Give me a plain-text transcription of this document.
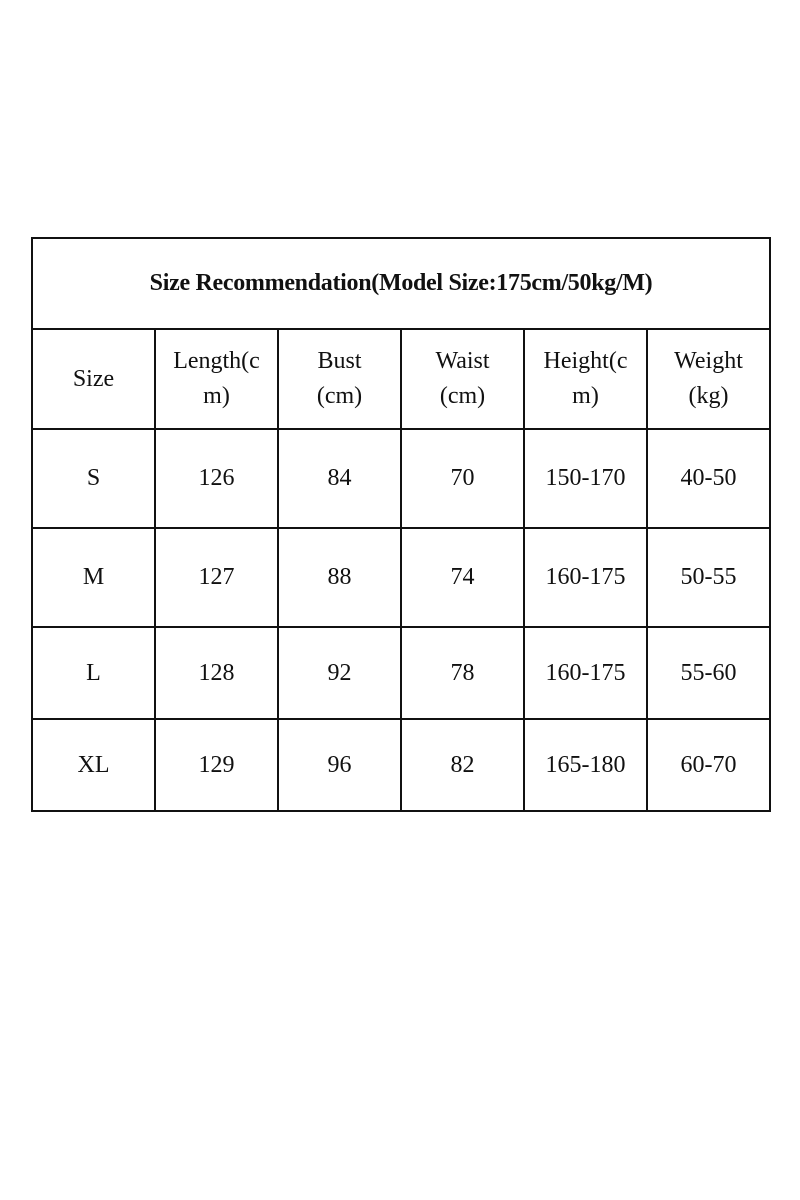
Size Recommendation(Model Size:175cm/50kg/M)					
Size	Length(cm)	Bust (cm)	Waist (cm)	Height(cm)	Weight(kg)
S	126	84	70	150-170	40-50
M	127	88	74	160-175	50-55
L	128	92	78	160-175	55-60
XL	129	96	82	165-180	60-70
